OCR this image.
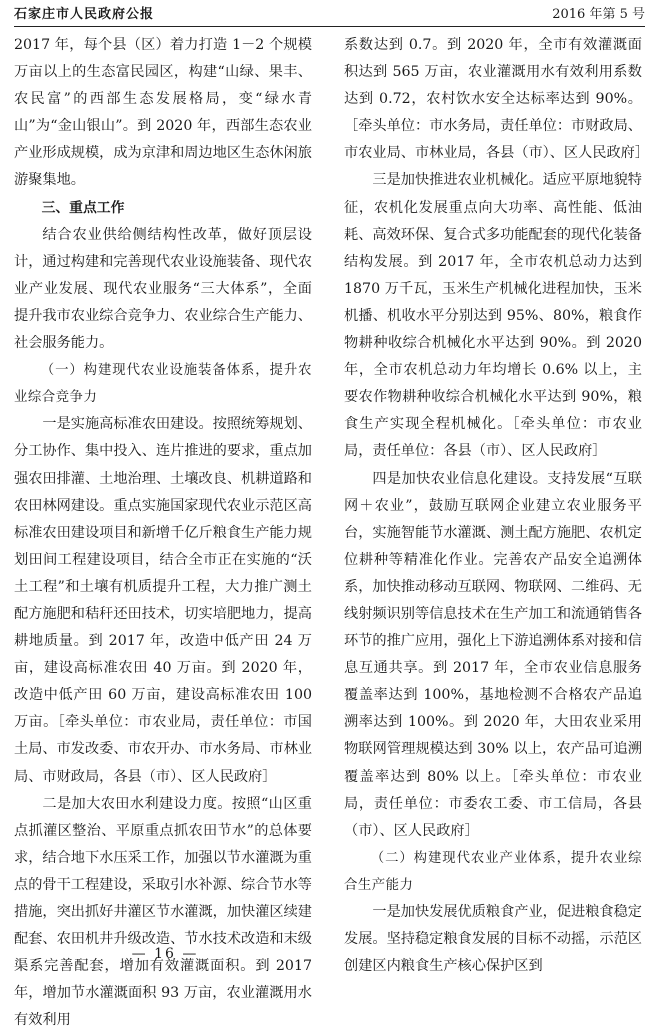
石家庄市人民政府公报	2016 年第 5 号

2017 年，每个县（区）着力打造 1－2 个规模万亩以上的生态富民园区，构建“山绿、果丰、农民富”的西部生态发展格局，变“绿水青山”为“金山银山”。到 2020 年，西部生态农业产业形成规模，成为京津和周边地区生态休闲旅游聚集地。

三、重点工作

结合农业供给侧结构性改革，做好顶层设计，通过构建和完善现代农业设施装备、现代农业产业发展、现代农业服务“三大体系”，全面提升我市农业综合竞争力、农业综合生产能力、社会服务能力。

（一）构建现代农业设施装备体系，提升农业综合竞争力

一是实施高标准农田建设。按照统筹规划、分工协作、集中投入、连片推进的要求，重点加强农田排灌、土地治理、土壤改良、机耕道路和农田林网建设。重点实施国家现代农业示范区高标准农田建设项目和新增千亿斤粮食生产能力规划田间工程建设项目，结合全市正在实施的“沃土工程”和土壤有机质提升工程，大力推广测土配方施肥和秸秆还田技术，切实培肥地力，提高耕地质量。到 2017 年，改造中低产田 24 万亩，建设高标准农田 40 万亩。到 2020 年，改造中低产田 60 万亩，建设高标准农田 100 万亩。［牵头单位：市农业局，责任单位：市国土局、市发改委、市农开办、市水务局、市林业局、市财政局，各县（市）、区人民政府］

二是加大农田水利建设力度。按照“山区重点抓灌区整治、平原重点抓农田节水”的总体要求，结合地下水压采工作，加强以节水灌溉为重点的骨干工程建设，采取引水补源、综合节水等措施，突出抓好井灌区节水灌溉，加快灌区续建配套、农田机井升级改造、节水技术改造和末级渠系完善配套，增加有效灌溉面积。到 2017 年，增加节水灌溉面积 93 万亩，农业灌溉用水有效利用

系数达到 0.7。到 2020 年，全市有效灌溉面积达到 565 万亩，农业灌溉用水有效利用系数达到 0.72，农村饮水安全达标率达到 90%。［牵头单位：市水务局，责任单位：市财政局、市农业局、市林业局，各县（市）、区人民政府］

三是加快推进农业机械化。适应平原地貌特征，农机化发展重点向大功率、高性能、低油耗、高效环保、复合式多功能配套的现代化装备结构发展。到 2017 年，全市农机总动力达到 1870 万千瓦，玉米生产机械化进程加快，玉米机播、机收水平分别达到 95%、80%，粮食作物耕种收综合机械化水平达到 90%。到 2020 年，全市农机总动力年均增长 0.6% 以上，主要农作物耕种收综合机械化水平达到 90%，粮食生产实现全程机械化。［牵头单位：市农业局，责任单位：各县（市）、区人民政府］

四是加快农业信息化建设。支持发展“互联网＋农业”，鼓励互联网企业建立农业服务平台，实施智能节水灌溉、测土配方施肥、农机定位耕种等精准化作业。完善农产品安全追溯体系，加快推动移动互联网、物联网、二维码、无线射频识别等信息技术在生产加工和流通销售各环节的推广应用，强化上下游追溯体系对接和信息互通共享。到 2017 年，全市农业信息服务覆盖率达到 100%，基地检测不合格农产品追溯率达到 100%。到 2020 年，大田农业采用物联网管理规模达到 30% 以上，农产品可追溯覆盖率达到 80% 以上。［牵头单位：市农业局，责任单位：市委农工委、市工信局，各县（市）、区人民政府］

（二）构建现代农业产业体系，提升农业综合生产能力

一是加快发展优质粮食产业，促进粮食稳定发展。坚持稳定粮食发展的目标不动摇，示范区创建区内粮食生产核心保护区到

— 16 —
